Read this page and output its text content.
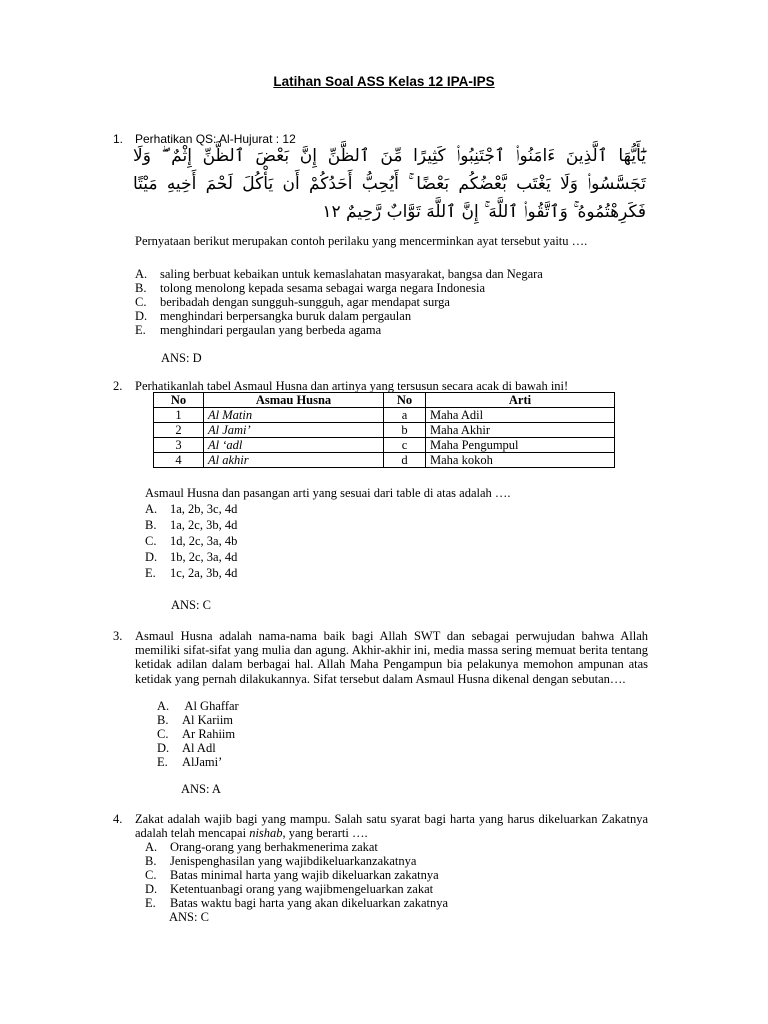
Latihan Soal ASS Kelas 12 IPA-IPS
1. Perhatikan QS: Al-Hujurat : 12
يَٰٓأَيُّهَا ٱلَّذِينَ ءَامَنُوا۟ ٱجْتَنِبُوا۟ كَثِيرًا مِّنَ ٱلظَّنِّ إِنَّ بَعْضَ ٱلظَّنِّ إِثْمٌ ۖ وَلَا تَجَسَّسُوا۟ وَلَا يَغْتَب بَّعْضُكُم بَعْضًا ۚ أَيُحِبُّ أَحَدُكُمْ أَن يَأْكُلَ لَحْمَ أَخِيهِ مَيْتًا فَكَرِهْتُمُوهُ ۚ وَٱتَّقُوا۟ ٱللَّهَ ۚ إِنَّ ٱللَّهَ تَوَّابٌ رَّحِيمٌ ١٢
Pernyataan berikut merupakan contoh perilaku yang mencerminkan ayat tersebut yaitu ….
A. saling berbuat kebaikan untuk kemaslahatan masyarakat, bangsa dan Negara
B. tolong menolong kepada sesama sebagai warga negara Indonesia
C. beribadah dengan sungguh-sungguh, agar mendapat surga
D. menghindari berpersangka buruk dalam pergaulan
E. menghindari pergaulan yang berbeda agama
ANS: D
2. Perhatikanlah tabel Asmaul Husna dan artinya yang tersusun secara acak di bawah ini!
No	Asmau Husna	No	Arti
1	Al Matin	a	Maha Adil
2	Al Jami’	b	Maha Akhir
3	Al ‘adl	c	Maha Pengumpul
4	Al akhir	d	Maha kokoh
Asmaul Husna dan pasangan arti yang sesuai dari table di atas adalah ….
A. 1a, 2b, 3c, 4d
B. 1a, 2c, 3b, 4d
C. 1d, 2c, 3a, 4b
D. 1b, 2c, 3a, 4d
E. 1c, 2a, 3b, 4d
ANS: C
3. Asmaul Husna adalah nama-nama baik bagi Allah SWT dan sebagai perwujudan bahwa Allah memiliki sifat-sifat yang mulia dan agung. Akhir-akhir ini, media massa sering memuat berita tentang ketidak adilan dalam berbagai hal. Allah Maha Pengampun bia pelakunya memohon ampunan atas ketidak yang pernah dilakukannya. Sifat tersebut dalam Asmaul Husna dikenal dengan sebutan….
A. Al Ghaffar
B. Al Kariim
C. Ar Rahiim
D. Al Adl
E. AlJami’
ANS: A
4. Zakat adalah wajib bagi yang mampu. Salah satu syarat bagi harta yang harus dikeluarkan Zakatnya adalah telah mencapai nishab, yang berarti ….
A. Orang-orang yang berhakmenerima zakat
B. Jenispenghasilan yang wajibdikeluarkanzakatnya
C. Batas minimal harta yang wajib dikeluarkan zakatnya
D. Ketentuanbagi orang yang wajibmengeluarkan zakat
E. Batas waktu bagi harta yang akan dikeluarkan zakatnya
ANS: C
